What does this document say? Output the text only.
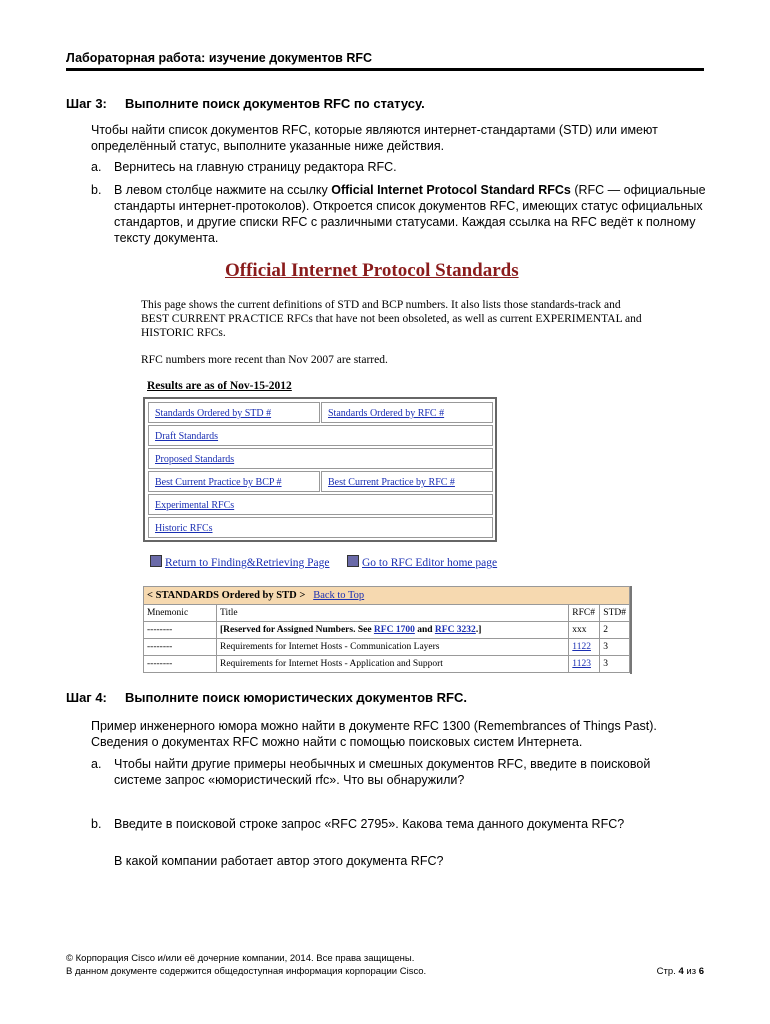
Лабораторная работа: изучение документов RFC
Шаг 3: Выполните поиск документов RFC по статусу.
Чтобы найти список документов RFC, которые являются интернет-стандартами (STD) или имеют определённый статус, выполните указанные ниже действия.
a. Вернитесь на главную страницу редактора RFC.
b. В левом столбце нажмите на ссылку Official Internet Protocol Standard RFCs (RFC — официальные стандарты интернет-протоколов). Откроется список документов RFC, имеющих статус официальных стандартов, и другие списки RFC с различными статусами. Каждая ссылка на RFC ведёт к полному тексту документа.
Official Internet Protocol Standards
This page shows the current definitions of STD and BCP numbers. It also lists those standards-track and BEST CURRENT PRACTICE RFCs that have not been obsoleted, as well as current EXPERIMENTAL and HISTORIC RFCs.
RFC numbers more recent than Nov 2007 are starred.
Results are as of Nov-15-2012
Standards Ordered by STD #	Standards Ordered by RFC #
Draft Standards
Proposed Standards
Best Current Practice by BCP #	Best Current Practice by RFC #
Experimental RFCs
Historic RFCs
Return to Finding&Retrieving Page	Go to RFC Editor home page
< STANDARDS Ordered by STD > Back to Top			
Mnemonic	Title	RFC#	STD#
--------	[Reserved for Assigned Numbers. See RFC 1700 and RFC 3232.]	xxx	2
--------	Requirements for Internet Hosts - Communication Layers	1122	3
--------	Requirements for Internet Hosts - Application and Support	1123	3
Шаг 4: Выполните поиск юмористических документов RFC.
Пример инженерного юмора можно найти в документе RFC 1300 (Remembrances of Things Past). Сведения о документах RFC можно найти с помощью поисковых систем Интернета.
a. Чтобы найти другие примеры необычных и смешных документов RFC, введите в поисковой системе запрос «юмористический rfc». Что вы обнаружили?
b. Введите в поисковой строке запрос «RFC 2795». Какова тема данного документа RFC?
В какой компании работает автор этого документа RFC?
© Корпорация Cisco и/или её дочерние компании, 2014. Все права защищены.
В данном документе содержится общедоступная информация корпорации Cisco.	Стр. 4 из 6
